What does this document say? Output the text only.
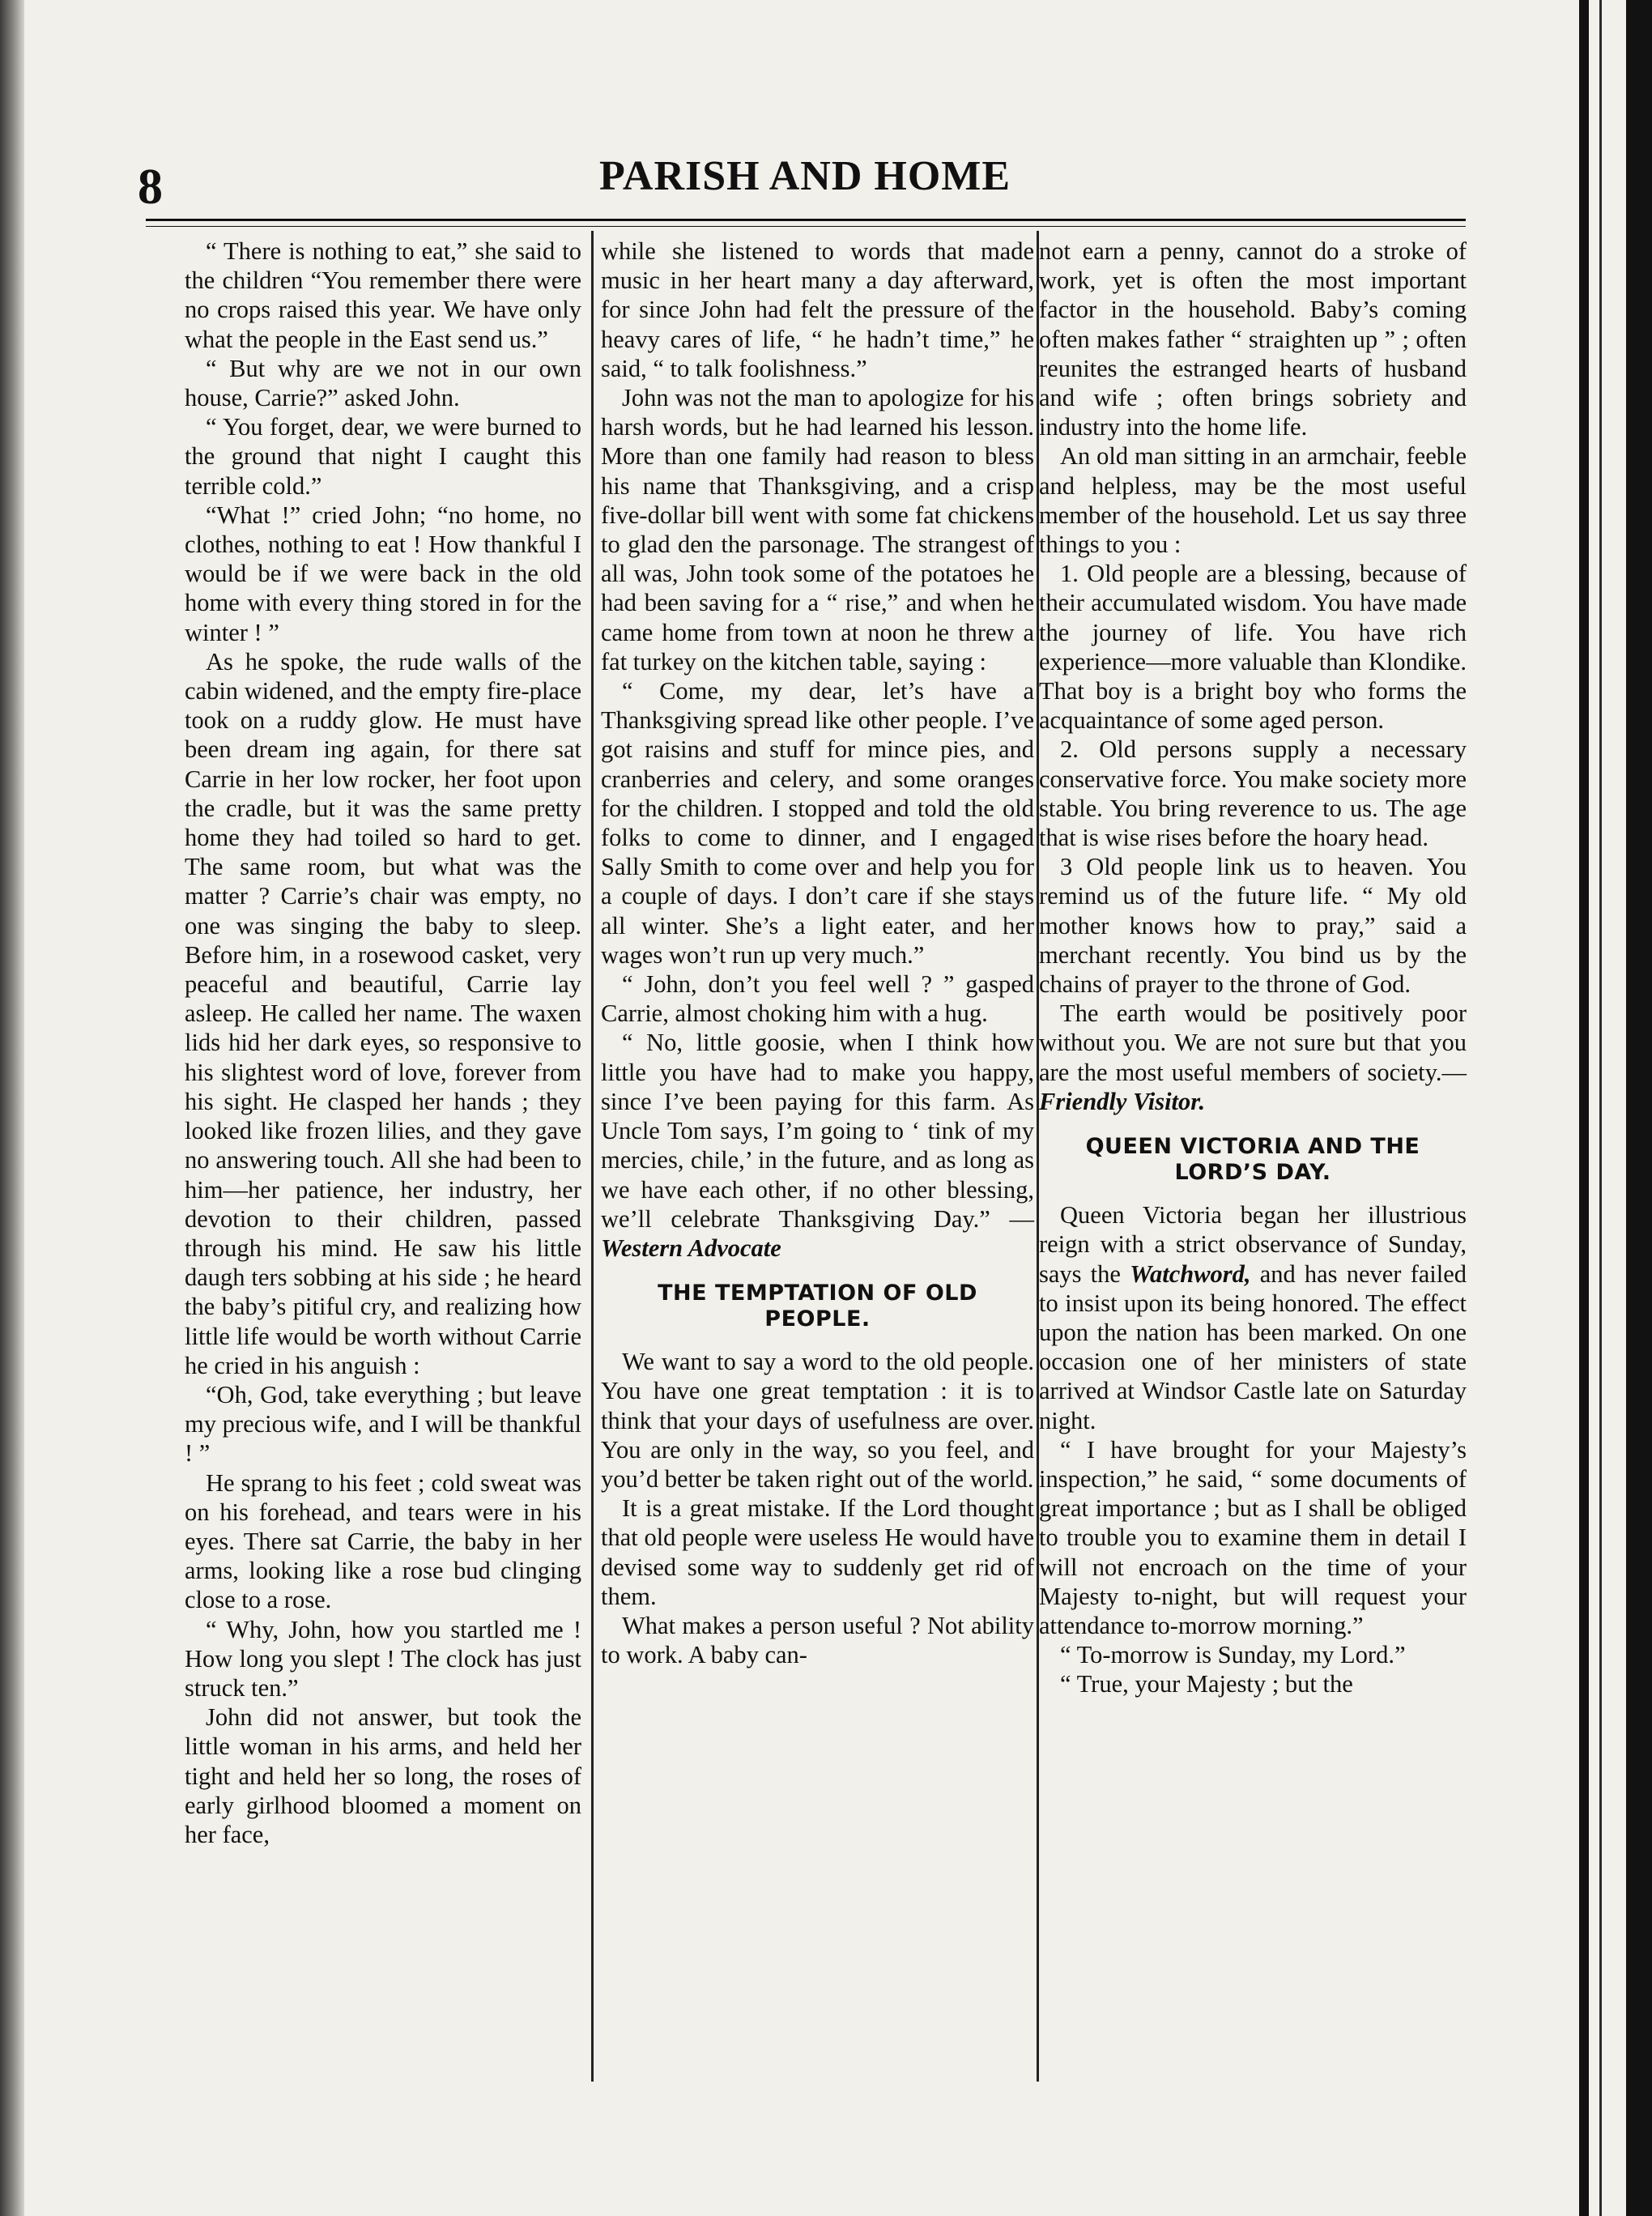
8	PARISH AND HOME

“ There is nothing to eat,” she said to the children “You remember there were no crops raised this year. We have only what the people in the East send us.”

“ But why are we not in our own house, Carrie?” asked John.

“ You forget, dear, we were burned to the ground that night I caught this terrible cold.”

“What !” cried John; “no home, no clothes, nothing to eat ! How thankful I would be if we were back in the old home with every thing stored in for the winter ! ”

As he spoke, the rude walls of the cabin widened, and the empty fire-place took on a ruddy glow. He must have been dream ing again, for there sat Carrie in her low rocker, her foot upon the cradle, but it was the same pretty home they had toiled so hard to get. The same room, but what was the matter ? Carrie’s chair was empty, no one was singing the baby to sleep. Before him, in a rosewood casket, very peaceful and beautiful, Carrie lay asleep. He called her name. The waxen lids hid her dark eyes, so responsive to his slightest word of love, forever from his sight. He clasped her hands ; they looked like frozen lilies, and they gave no answering touch. All she had been to him—her patience, her industry, her devotion to their children, passed through his mind. He saw his little daugh ters sobbing at his side ; he heard the baby’s pitiful cry, and realizing how little life would be worth without Carrie he cried in his anguish :

“Oh, God, take everything ; but leave my precious wife, and I will be thankful ! ”

He sprang to his feet ; cold sweat was on his forehead, and tears were in his eyes. There sat Carrie, the baby in her arms, looking like a rose bud clinging close to a rose.

“ Why, John, how you startled me ! How long you slept ! The clock has just struck ten.”

John did not answer, but took the little woman in his arms, and held her tight and held her so long, the roses of early girlhood bloomed a moment on her face,

while she listened to words that made music in her heart many a day afterward, for since John had felt the pressure of the heavy cares of life, “ he hadn’t time,” he said, “ to talk foolishness.”

John was not the man to apologize for his harsh words, but he had learned his lesson. More than one family had reason to bless his name that Thanksgiving, and a crisp five-dollar bill went with some fat chickens to glad den the parsonage. The strangest of all was, John took some of the potatoes he had been saving for a “ rise,” and when he came home from town at noon he threw a fat turkey on the kitchen table, saying :

“ Come, my dear, let’s have a Thanksgiving spread like other people. I’ve got raisins and stuff for mince pies, and cranberries and celery, and some oranges for the children. I stopped and told the old folks to come to dinner, and I engaged Sally Smith to come over and help you for a couple of days. I don’t care if she stays all winter. She’s a light eater, and her wages won’t run up very much.”

“ John, don’t you feel well ? ” gasped Carrie, almost choking him with a hug.

“ No, little goosie, when I think how little you have had to make you happy, since I’ve been paying for this farm. As Uncle Tom says, I’m going to ‘ tink of my mercies, chile,’ in the future, and as long as we have each other, if no other blessing, we’ll celebrate Thanksgiving Day.” — Western Advocate

THE TEMPTATION OF OLD PEOPLE.

We want to say a word to the old people. You have one great temptation : it is to think that your days of usefulness are over. You are only in the way, so you feel, and you’d better be taken right out of the world.

It is a great mistake. If the Lord thought that old people were useless He would have devised some way to suddenly get rid of them.

What makes a person useful ? Not ability to work. A baby can-

not earn a penny, cannot do a stroke of work, yet is often the most important factor in the household. Baby’s coming often makes father “ straighten up ” ; often reunites the estranged hearts of husband and wife ; often brings sobriety and industry into the home life.

An old man sitting in an armchair, feeble and helpless, may be the most useful member of the household. Let us say three things to you :

1. Old people are a blessing, because of their accumulated wisdom. You have made the journey of life. You have rich experience—more valuable than Klondike. That boy is a bright boy who forms the acquaintance of some aged person.

2. Old persons supply a necessary conservative force. You make society more stable. You bring reverence to us. The age that is wise rises before the hoary head.

3 Old people link us to heaven. You remind us of the future life. “ My old mother knows how to pray,” said a merchant recently. You bind us by the chains of prayer to the throne of God.

The earth would be positively poor without you. We are not sure but that you are the most useful members of society.— Friendly Visitor.

QUEEN VICTORIA AND THE LORD’S DAY.

Queen Victoria began her illustrious reign with a strict observance of Sunday, says the Watchword, and has never failed to insist upon its being honored. The effect upon the nation has been marked. On one occasion one of her ministers of state arrived at Windsor Castle late on Saturday night.

“ I have brought for your Majesty’s inspection,” he said, “ some documents of great importance ; but as I shall be obliged to trouble you to examine them in detail I will not encroach on the time of your Majesty to-night, but will request your attendance to-morrow morning.”

“ To-morrow is Sunday, my Lord.”

“ True, your Majesty ; but the
